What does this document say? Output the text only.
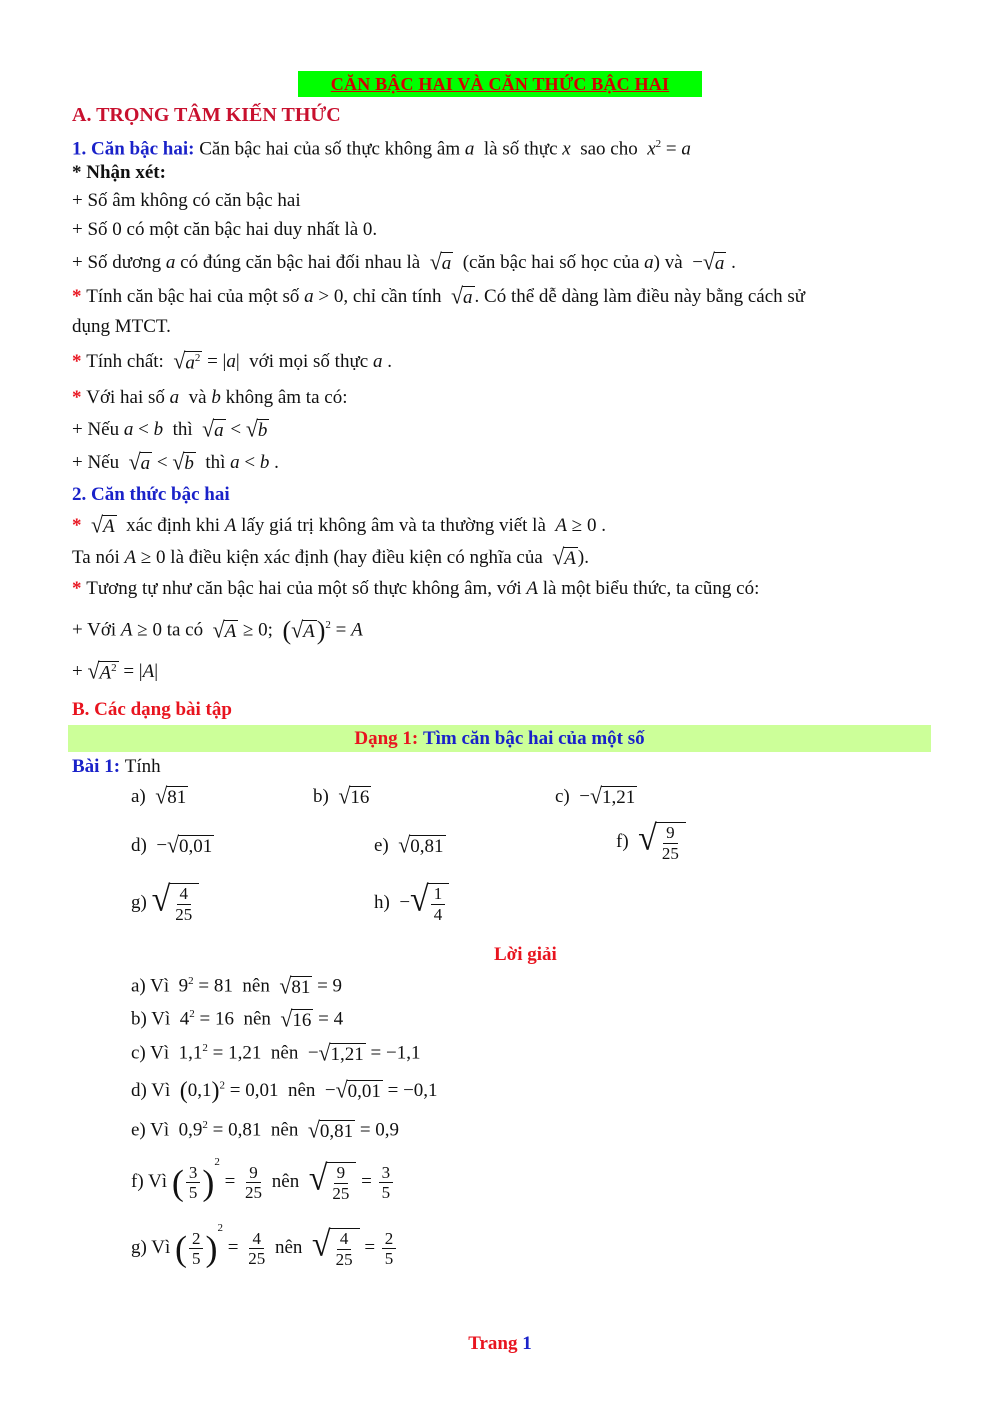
CĂN BẬC HAI VÀ CĂN THỨC BẬC HAI
A. TRỌNG TÂM KIẾN THỨC
1. Căn bậc hai: Căn bậc hai của số thực không âm a là số thực x sao cho $x^2 = a$
* Nhận xét:
+ Số âm không có căn bậc hai
+ Số 0 có một căn bậc hai duy nhất là 0.
+ Số dương a có đúng căn bậc hai đối nhau là √ a (căn bậc hai số học của a) và  − √ a .
* Tính căn bậc hai của một số a > 0, chỉ cần tính √ a . Có thể dễ dàng làm điều này bằng cách sử
dụng MTCT.
* Tính chất: √ $a^2 = |a|$  với mọi số thực a .
* Với hai số a và b không âm ta có:
+ Nếu a < b thì √ a < √ b
+ Nếu √ a < √ b thì a < b .
2. Căn thức bậc hai
* √ A xác định khi A lấy giá trị không âm và ta thường viết là A ≥ 0 .
Ta nói A ≥ 0 là điều kiện xác định (hay điều kiện có nghĩa của √ A ).
* Tương tự như căn bậc hai của một số thực không âm, với A là một biểu thức, ta cũng có:
+ Với A ≥ 0 ta có √ A ≥ 0;  ( √ A )$^2$ = A
+ √ $A^2 = |A|$
B. Các dạng bài tập
Dạng 1: Tìm căn bậc hai của một số
Bài 1: Tính
a) √ 81	b) √ 16	c)  − √ 1,21
d)  − √ 0,01	e) √ 0,81	f) √ $\frac{9}{25}$
g) √ $\frac{4}{25}$	h)  − √ $\frac{1}{4}$
Lời giải
a) Vì  $9^2 = 81$  nên √ 81 = 9
b) Vì  $4^2 = 16$  nên √ 16 = 4
c) Vì  $1,1^2 = 1,21$  nên  − √ 1,21 = −1,1
d) Vì $(0,1)^2 = 0,01$  nên  − √ 0,01 = −0,1
e) Vì  $0,9^2 = 0,81$  nên √ 0,81 = 0,9
f) Vì ( $\frac{3}{5} )^2 = \frac{9}{25}$ nên √ $\frac{9}{25} = \frac{3}{5}$
g) Vì ( $\frac{2}{5} )^2 = \frac{4}{25}$ nên √ $\frac{4}{25} = \frac{2}{5}$
Trang 1
